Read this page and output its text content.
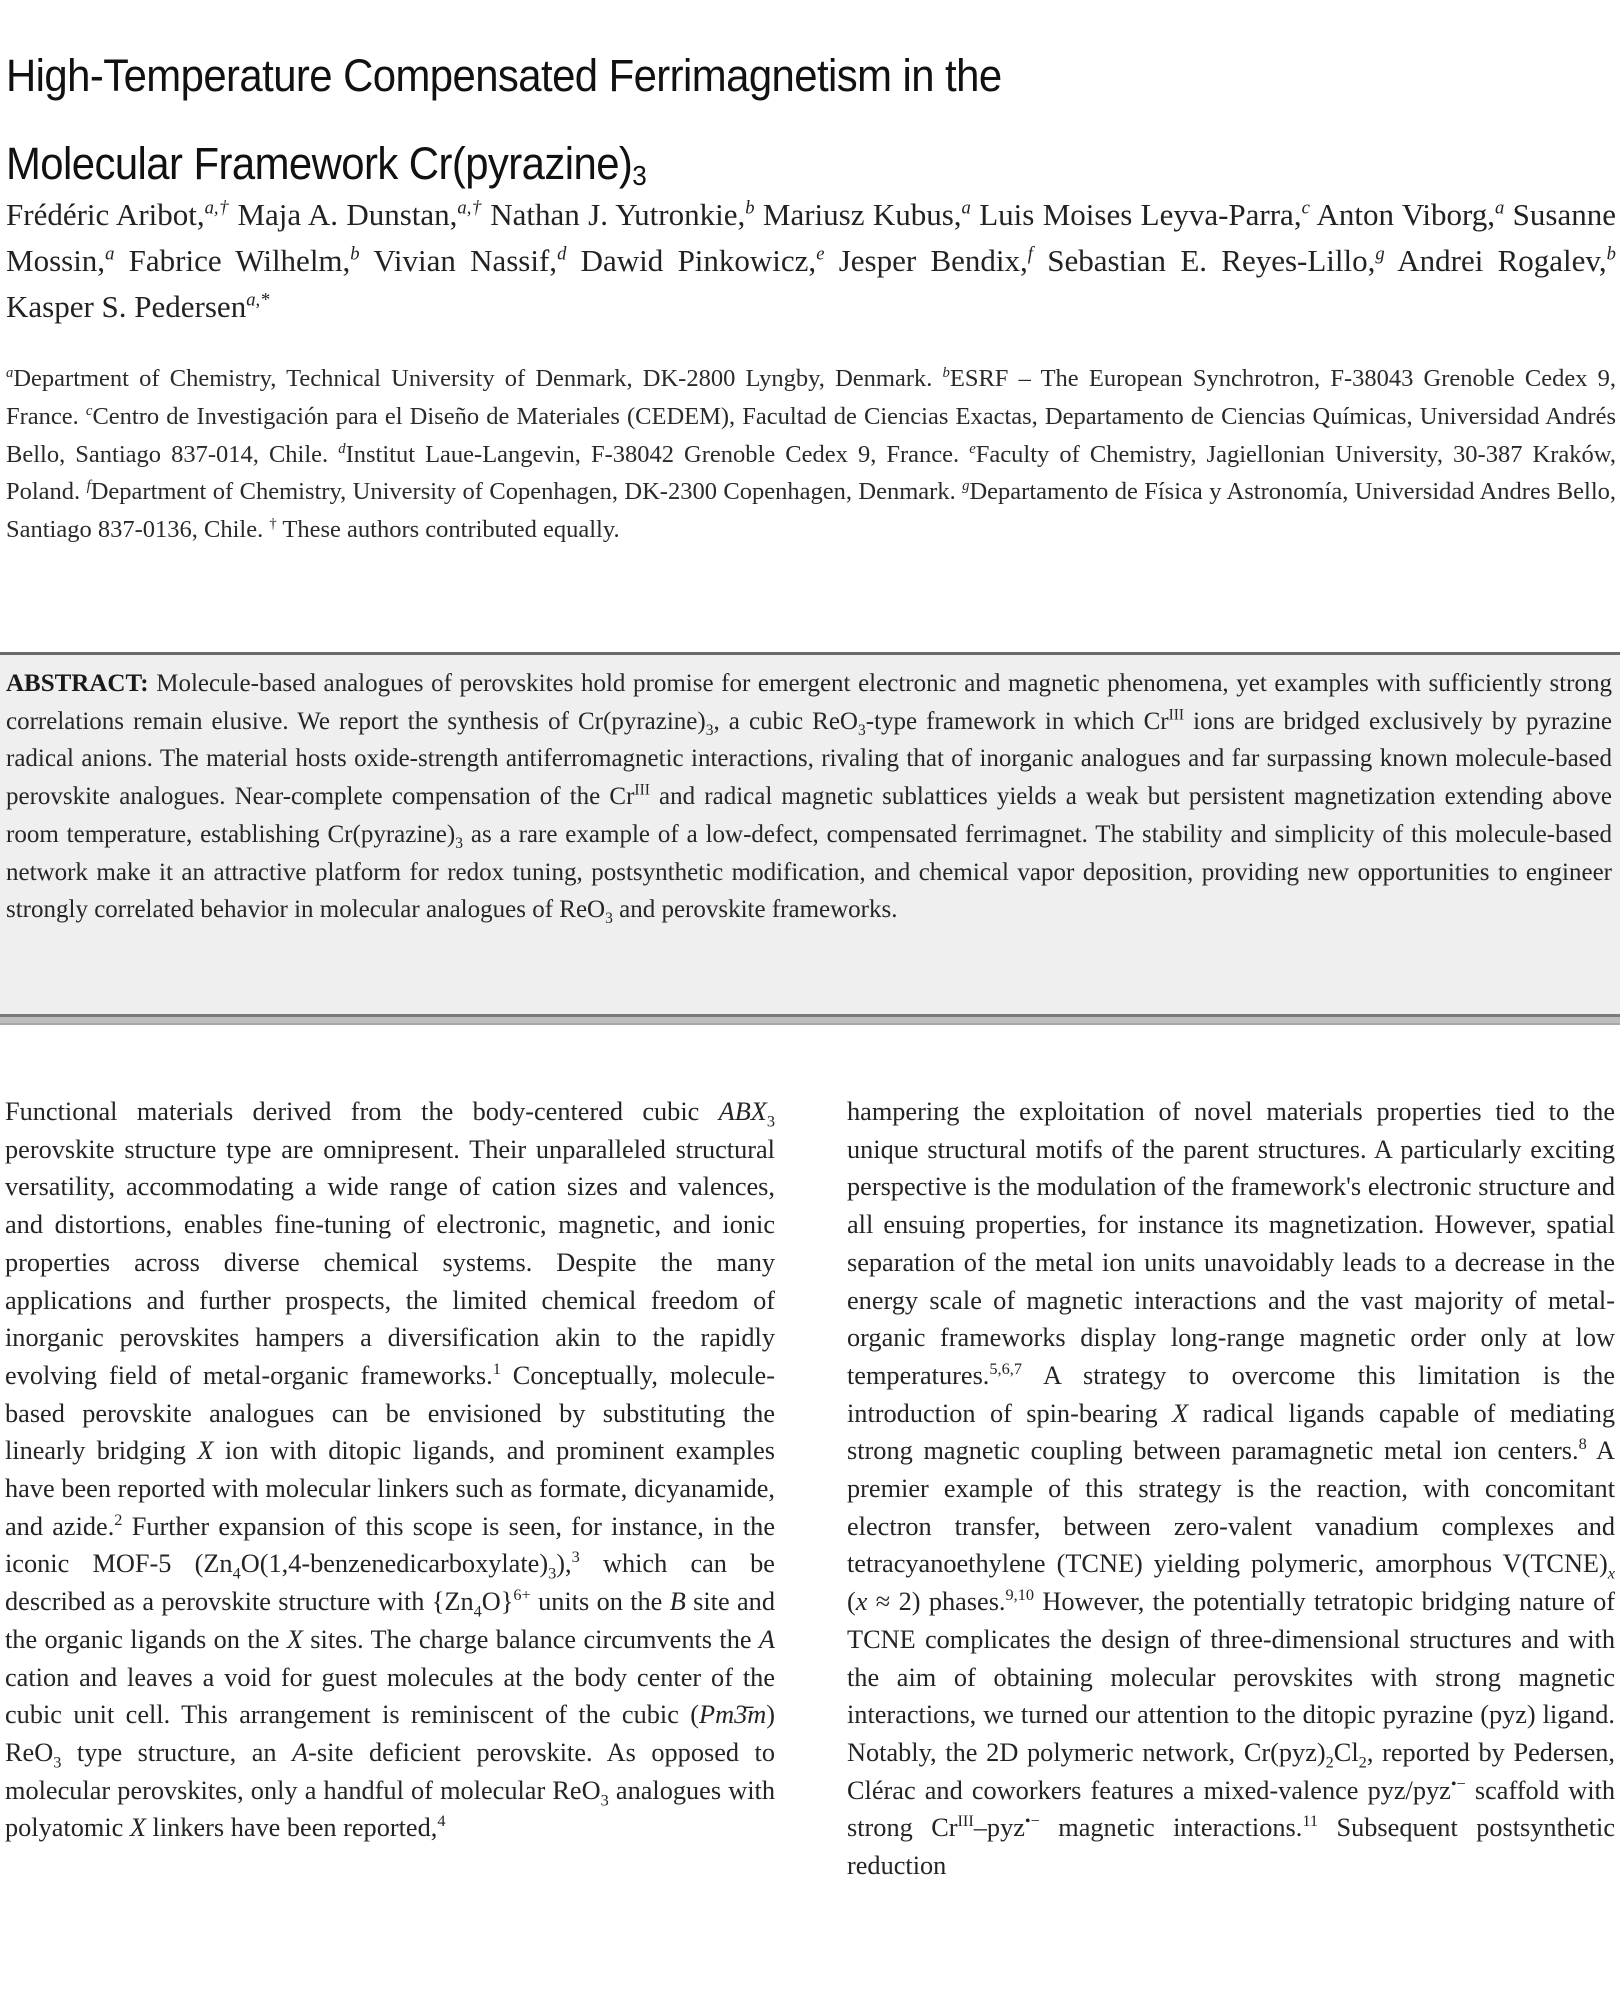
High-Temperature Compensated Ferrimagnetism in the
Molecular Framework $Cr(pyrazine)_3$
Frédéric Aribot,$^{a,\dagger}$ Maja A. Dunstan,$^{a,\dagger}$ Nathan J. Yutronkie,$^b$ Mariusz Kubus,$^a$ Luis Moises Leyva-Parra,$^c$ Anton Viborg,$^a$ Susanne Mossin,$^a$ Fabrice Wilhelm,$^b$ Vivian Nassif,$^d$ Dawid Pinkowicz,$^e$ Jesper Bendix,$^f$ Sebastian E. Reyes-Lillo,$^g$ Andrei Rogalev,$^b$ Kasper S. Pedersen$^{a,*}$
$^a$Department of Chemistry, Technical University of Denmark, DK-2800 Lyngby, Denmark. $^b$ESRF – The European Synchrotron, F-38043 Grenoble Cedex 9, France. $^c$Centro de Investigación para el Diseño de Materiales (CEDEM), Facultad de Ciencias Exactas, Departamento de Ciencias Químicas, Universidad Andrés Bello, Santiago 837-014, Chile. $^d$Institut Laue-Langevin, F-38042 Grenoble Cedex 9, France. $^e$Faculty of Chemistry, Jagiellonian University, 30-387 Kraków, Poland. $^f$Department of Chemistry, University of Copenhagen, DK-2300 Copenhagen, Denmark. $^g$Departamento de Física y Astronomía, Universidad Andres Bello, Santiago 837-0136, Chile. † These authors contributed equally.
ABSTRACT: Molecule-based analogues of perovskites hold promise for emergent electronic and magnetic phenomena, yet examples with sufficiently strong correlations remain elusive. We report the synthesis of $Cr(pyrazine)_3$, a cubic ReO$_3$-type framework in which $Cr^{III}$ ions are bridged exclusively by pyrazine radical anions. The material hosts oxide-strength antiferromagnetic interactions, rivaling that of inorganic analogues and far surpassing known molecule-based perovskite analogues. Near-complete compensation of the $Cr^{III}$ and radical magnetic sublattices yields a weak but persistent magnetization extending above room temperature, establishing $Cr(pyrazine)_3$ as a rare example of a low-defect, compensated ferrimagnet. The stability and simplicity of this molecule-based network make it an attractive platform for redox tuning, postsynthetic modification, and chemical vapor deposition, providing new opportunities to engineer strongly correlated behavior in molecular analogues of ReO$_3$ and perovskite frameworks.

Functional materials derived from the body-centered cubic $ABX_3$ perovskite structure type are omnipresent. Their unparalleled structural versatility, accommodating a wide range of cation sizes and valences, and distortions, enables fine-tuning of electronic, magnetic, and ionic properties across diverse chemical systems. Despite the many applications and further prospects, the limited chemical freedom of inorganic perovskites hampers a diversification akin to the rapidly evolving field of metal-organic frameworks.$^1$ Conceptually, molecule-based perovskite analogues can be envisioned by substituting the linearly bridging X ion with ditopic ligands, and prominent examples have been reported with molecular linkers such as formate, dicyanamide, and azide.$^2$ Further expansion of this scope is seen, for instance, in the iconic MOF-5 $(Zn_4O(1,4-benzenedicarboxylate)_3),^3$ which can be described as a perovskite structure with $\{Zn_4O\}^{6+}$ units on the B site and the organic ligands on the X sites. The charge balance circumvents the A cation and leaves a void for guest molecules at the body center of the cubic unit cell. This arrangement is reminiscent of the cubic (Pm3̄m) ReO$_3$ type structure, an A-site deficient perovskite. As opposed to molecular perovskites, only a handful of molecular ReO$_3$ analogues with polyatomic X linkers have been reported,$^4$

hampering the exploitation of novel materials properties tied to the unique structural motifs of the parent structures. A particularly exciting perspective is the modulation of the framework's electronic structure and all ensuing properties, for instance its magnetization. However, spatial separation of the metal ion units unavoidably leads to a decrease in the energy scale of magnetic interactions and the vast majority of metal-organic frameworks display long-range magnetic order only at low temperatures.$^{5,6,7}$ A strategy to overcome this limitation is the introduction of spin-bearing X radical ligands capable of mediating strong magnetic coupling between paramagnetic metal ion centers.$^8$ A premier example of this strategy is the reaction, with concomitant electron transfer, between zero-valent vanadium complexes and tetracyanoethylene (TCNE) yielding polymeric, amorphous $V(TCNE)_x$ (x ≈ 2) phases.$^{9,10}$ However, the potentially tetratopic bridging nature of TCNE complicates the design of three-dimensional structures and with the aim of obtaining molecular perovskites with strong magnetic interactions, we turned our attention to the ditopic pyrazine (pyz) ligand. Notably, the 2D polymeric network, $Cr(pyz)_2Cl_2$, reported by Pedersen, Clérac and coworkers features a mixed-valence pyz/pyz•− scaffold with strong $Cr^{III}-pyz^{•-}$ magnetic interactions.$^{11}$ Subsequent postsynthetic reduction
